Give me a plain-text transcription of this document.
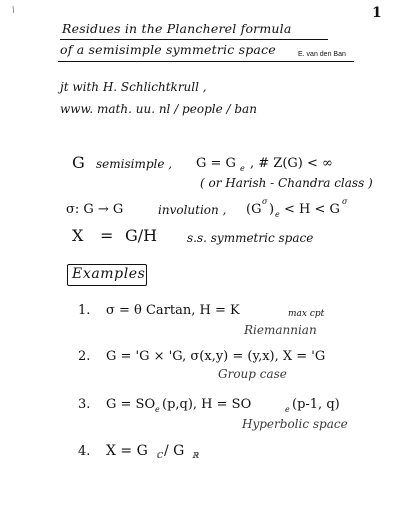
\	1
Residues in the Plancherel formula
of a semisimple symmetric space	E. van den Ban
jt with H. Schlichtkrull ,
www. math. uu. nl / people / ban
G semisimple , G = G e , # Z(G) < ∞
( or Harish - Chandra class )
σ: G → G	involution , (G
σ
) e < H < G
σ
X = G/H s.s. symmetric space
Examples
1. σ = θ Cartan, H = K	max cpt
Riemannian
2. G = 'G × 'G, σ(x,y) = (y,x), X = 'G
Group case
3. G = SO e (p,q), H = SO	e (p-1, q)
Hyperbolic space
4. X = G ℂ / G ℝ
